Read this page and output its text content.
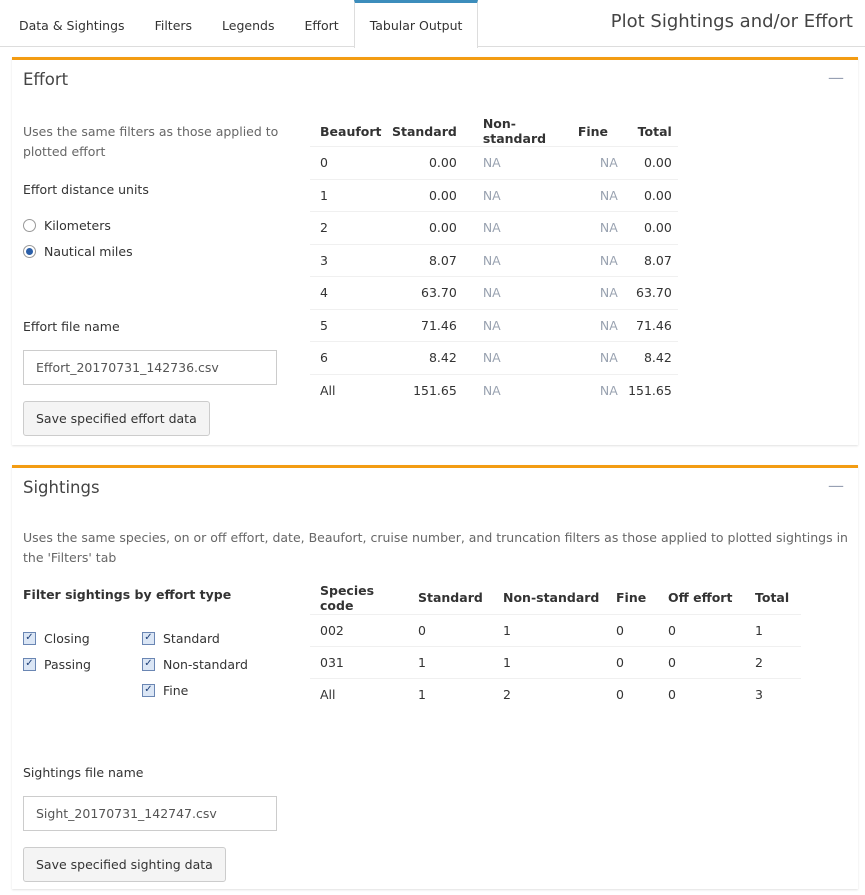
Data & Sightings	Filters	Legends	Effort	Tabular Output	Plot Sightings and/or Effort
Effort	—
Uses the same filters as those applied to plotted effort
Effort distance units
Kilometers
Nautical miles
Effort file name
Effort_20170731_142736.csv
Save specified effort data
Beaufort	Standard	Non-standard	Fine	Total
0	0.00	NA	NA	0.00
1	0.00	NA	NA	0.00
2	0.00	NA	NA	0.00
3	8.07	NA	NA	8.07
4	63.70	NA	NA	63.70
5	71.46	NA	NA	71.46
6	8.42	NA	NA	8.42
All	151.65	NA	NA	151.65
Sightings	—
Uses the same species, on or off effort, date, Beaufort, cruise number, and truncation filters as those applied to plotted sightings in the 'Filters' tab
Filter sightings by effort type
✓ Closing
✓ Passing
✓ Standard
✓ Non-standard
✓ Fine
Sightings file name
Sight_20170731_142747.csv
Save specified sighting data
Species code	Standard	Non-standard	Fine	Off effort	Total
002	0	1	0	0	1
031	1	1	0	0	2
All	1	2	0	0	3
